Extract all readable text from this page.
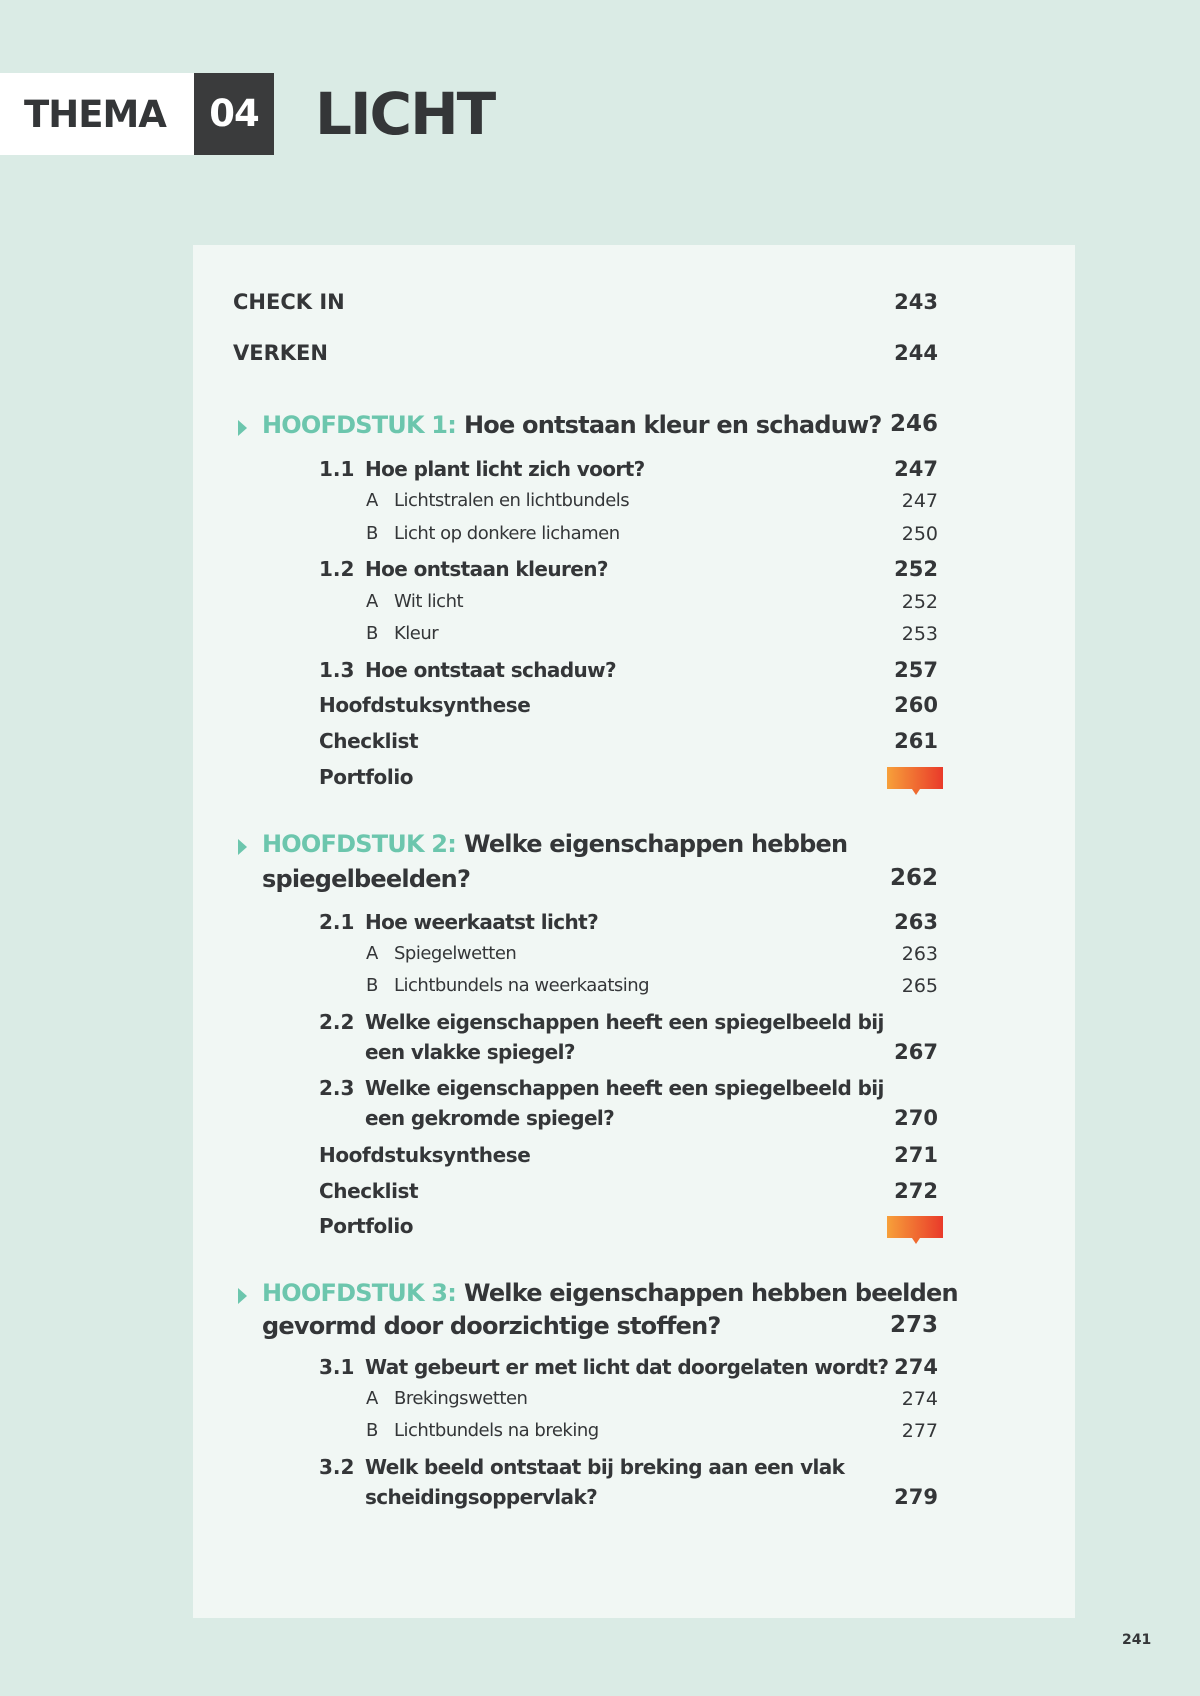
THEMA	04 LICHT
CHECK IN	243
VERKEN	244
HOOFDSTUK 1: Hoe ontstaan kleur en schaduw? 246
1.1 Hoe plant licht zich voort?	247
A Lichtstralen en lichtbundels	247
B Licht op donkere lichamen	250
1.2 Hoe ontstaan kleuren?	252
A Wit licht	252
B Kleur	253
1.3 Hoe ontstaat schaduw?	257
Hoofdstuksynthese	260
Checklist	261
Portfolio
HOOFDSTUK 2: Welke eigenschappen hebben
spiegelbeelden?	262
2.1 Hoe weerkaatst licht?	263
A Spiegelwetten	263
B Lichtbundels na weerkaatsing	265
2.2 Welke eigenschappen heeft een spiegelbeeld bij
een vlakke spiegel?	267
2.3 Welke eigenschappen heeft een spiegelbeeld bij
een gekromde spiegel?	270
Hoofdstuksynthese	271
Checklist	272
Portfolio
HOOFDSTUK 3: Welke eigenschappen hebben beelden
gevormd door doorzichtige stoffen?	273
3.1 Wat gebeurt er met licht dat doorgelaten wordt? 274
A Brekingswetten	274
B Lichtbundels na breking	277
3.2 Welk beeld ontstaat bij breking aan een vlak
scheidingsoppervlak?	279
241
